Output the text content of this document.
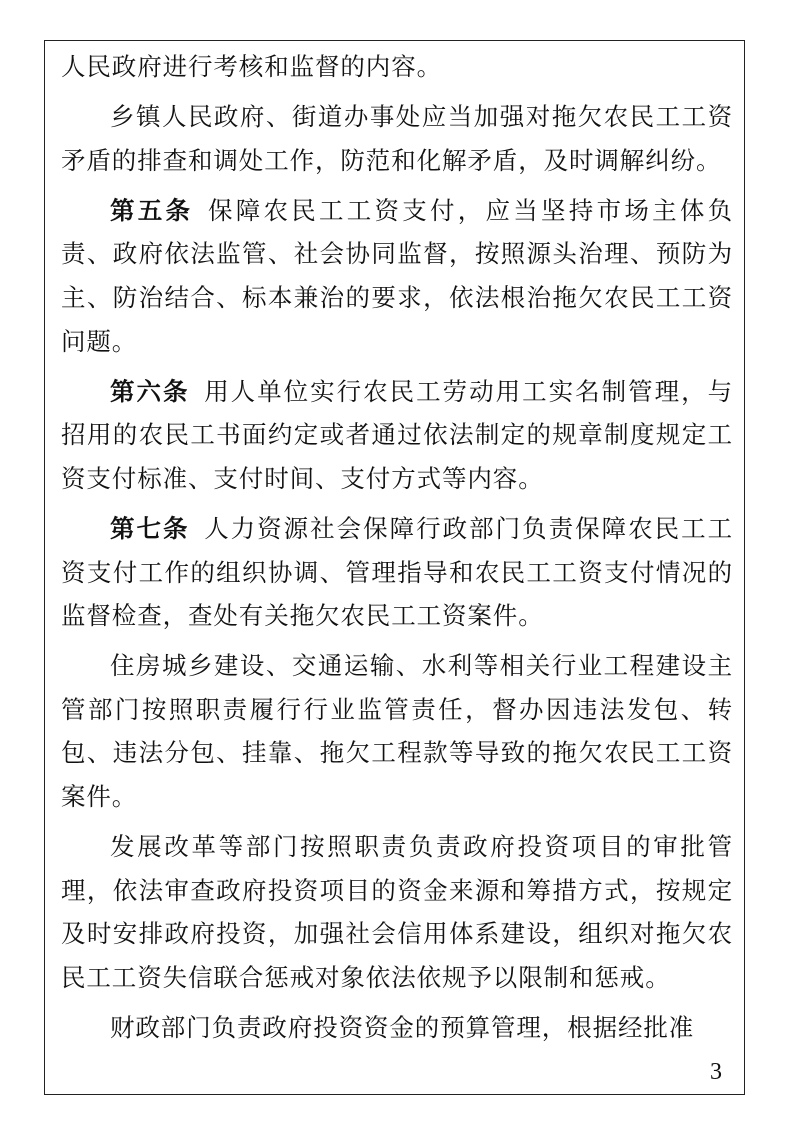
人民政府进行考核和监督的内容。

乡镇人民政府、街道办事处应当加强对拖欠农民工工资矛盾的排查和调处工作，防范和化解矛盾，及时调解纠纷。

第五条 保障农民工工资支付，应当坚持市场主体负责、政府依法监管、社会协同监督，按照源头治理、预防为主、防治结合、标本兼治的要求，依法根治拖欠农民工工资问题。

第六条 用人单位实行农民工劳动用工实名制管理，与招用的农民工书面约定或者通过依法制定的规章制度规定工资支付标准、支付时间、支付方式等内容。

第七条 人力资源社会保障行政部门负责保障农民工工资支付工作的组织协调、管理指导和农民工工资支付情况的监督检查，查处有关拖欠农民工工资案件。

住房城乡建设、交通运输、水利等相关行业工程建设主管部门按照职责履行行业监管责任，督办因违法发包、转包、违法分包、挂靠、拖欠工程款等导致的拖欠农民工工资案件。

发展改革等部门按照职责负责政府投资项目的审批管理，依法审查政府投资项目的资金来源和筹措方式，按规定及时安排政府投资，加强社会信用体系建设，组织对拖欠农民工工资失信联合惩戒对象依法依规予以限制和惩戒。

财政部门负责政府投资资金的预算管理，根据经批准

3
